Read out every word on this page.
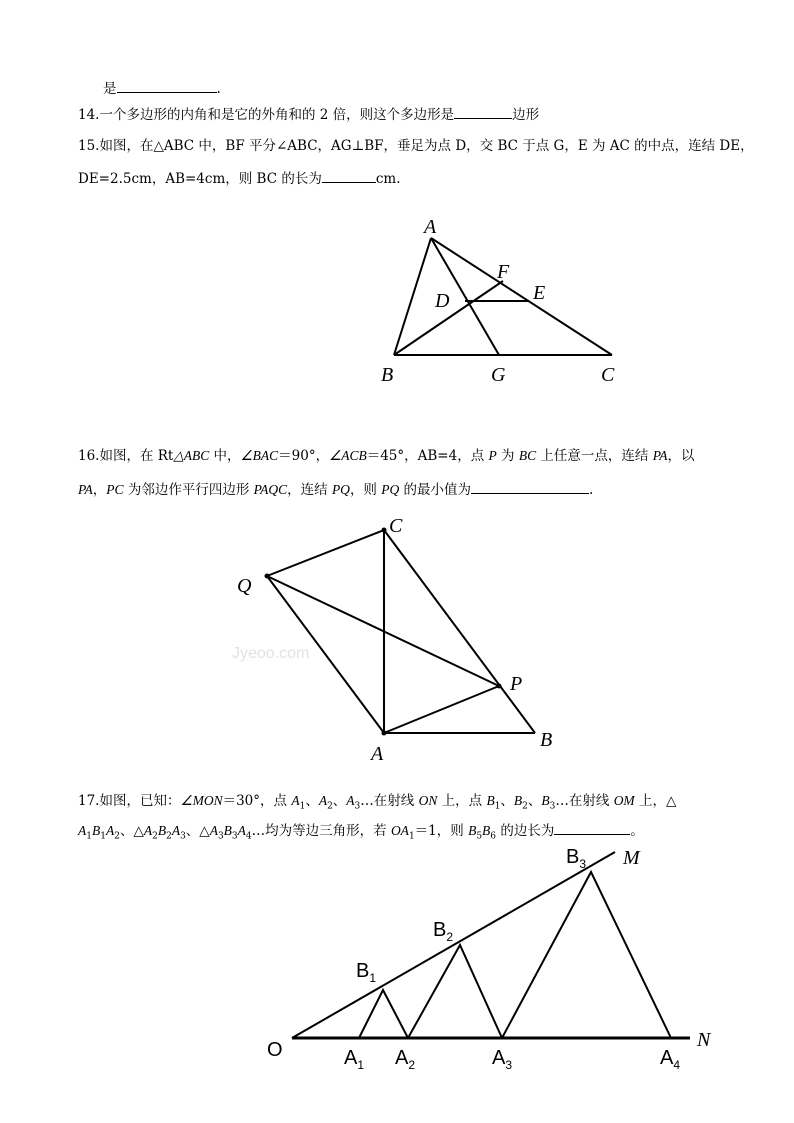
是	.
14.一个多边形的内角和是它的外角和的 2 倍，则这个多边形是	边形
15.如图，在△ABC 中，BF 平分∠ABC，AG⊥BF，垂足为点 D，交 BC 于点 G，E 为 AC 的中点，连结 DE，
DE=2.5cm，AB=4cm，则 BC 的长为	cm.
16.如图，在 Rt△ABC 中，∠BAC＝90°，∠ACB＝45°，AB=4，点 P 为 BC 上任意一点，连结 PA，以
PA，PC 为邻边作平行四边形 PAQC，连结 PQ，则 PQ 的最小值为	.
17.如图，已知：∠MON＝30°，点 $A_1$、$A_2$、$A_3\dots$在射线 ON 上，点 $B_1$、$B_2$、$B_3\dots$在射线 OM 上，△
$A_1B_1A_2$、$\triangle A_2B_2A_3$、$\triangle A_3B_3A_4\dots$均为等边三角形，若 $OA_1=1$，则 $B_5B_6$ 的边长为	。
A
F
D	E
B	G	C
Jyeoo.com
C
Q
P
A
B
O	N
M
$B_1$
$B_2$
$B_3$
$A_1$ $A_2$	$A_3$	$A_4$
